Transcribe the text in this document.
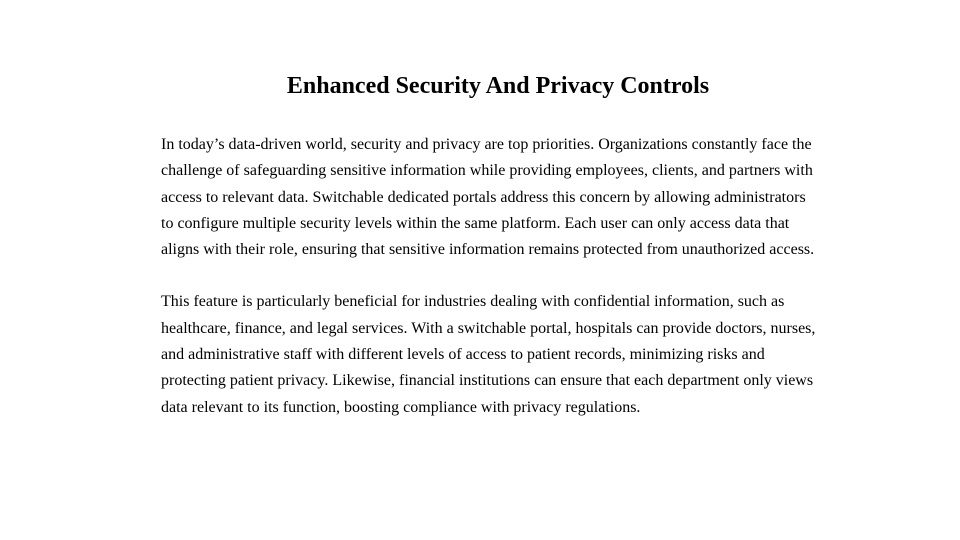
Enhanced Security And Privacy Controls

In today’s data-driven world, security and privacy are top priorities. Organizations constantly face the challenge of safeguarding sensitive information while providing employees, clients, and partners with access to relevant data. Switchable dedicated portals address this concern by allowing administrators to configure multiple security levels within the same platform. Each user can only access data that aligns with their role, ensuring that sensitive information remains protected from unauthorized access.

This feature is particularly beneficial for industries dealing with confidential information, such as healthcare, finance, and legal services. With a switchable portal, hospitals can provide doctors, nurses, and administrative staff with different levels of access to patient records, minimizing risks and protecting patient privacy. Likewise, financial institutions can ensure that each department only views data relevant to its function, boosting compliance with privacy regulations.
